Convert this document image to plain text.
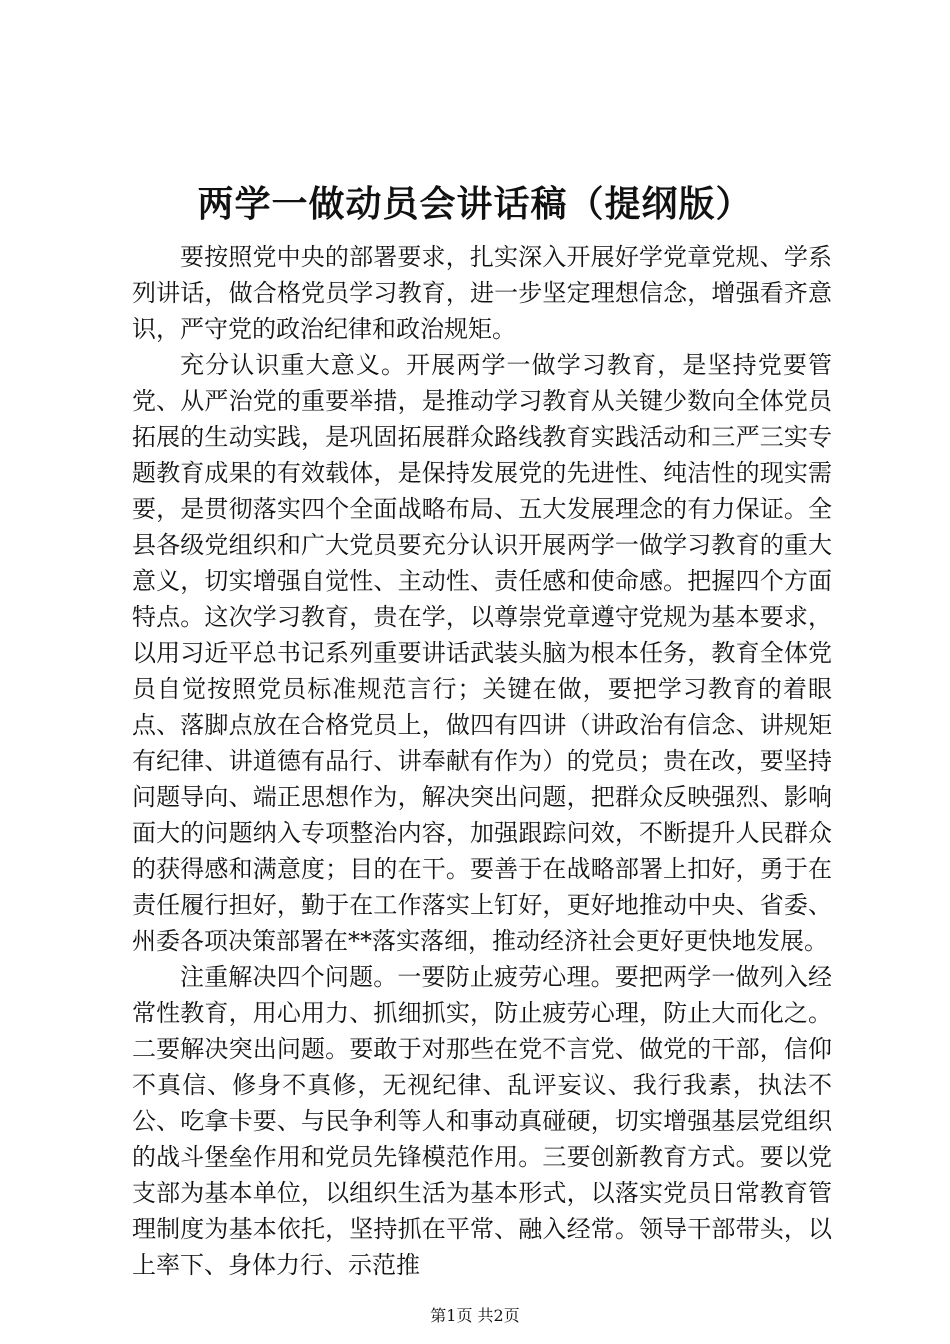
两学一做动员会讲话稿（提纲版）

要按照党中央的部署要求，扎实深入开展好学党章党规、学系列讲话，做合格党员学习教育，进一步坚定理想信念，增强看齐意识，严守党的政治纪律和政治规矩。

充分认识重大意义。开展两学一做学习教育，是坚持党要管党、从严治党的重要举措，是推动学习教育从关键少数向全体党员拓展的生动实践，是巩固拓展群众路线教育实践活动和三严三实专题教育成果的有效载体，是保持发展党的先进性、纯洁性的现实需要，是贯彻落实四个全面战略布局、五大发展理念的有力保证。全县各级党组织和广大党员要充分认识开展两学一做学习教育的重大意义，切实增强自觉性、主动性、责任感和使命感。把握四个方面特点。这次学习教育，贵在学，以尊崇党章遵守党规为基本要求，以用习近平总书记系列重要讲话武装头脑为根本任务，教育全体党员自觉按照党员标准规范言行；关键在做，要把学习教育的着眼点、落脚点放在合格党员上，做四有四讲（讲政治有信念、讲规矩有纪律、讲道德有品行、讲奉献有作为）的党员；贵在改，要坚持问题导向、端正思想作为，解决突出问题，把群众反映强烈、影响面大的问题纳入专项整治内容，加强跟踪问效，不断提升人民群众的获得感和满意度；目的在干。要善于在战略部署上扣好，勇于在责任履行担好，勤于在工作落实上钉好，更好地推动中央、省委、州委各项决策部署在**落实落细，推动经济社会更好更快地发展。

注重解决四个问题。一要防止疲劳心理。要把两学一做列入经常性教育，用心用力、抓细抓实，防止疲劳心理，防止大而化之。二要解决突出问题。要敢于对那些在党不言党、做党的干部，信仰不真信、修身不真修，无视纪律、乱评妄议、我行我素，执法不公、吃拿卡要、与民争利等人和事动真碰硬，切实增强基层党组织的战斗堡垒作用和党员先锋模范作用。三要创新教育方式。要以党支部为基本单位，以组织生活为基本形式，以落实党员日常教育管理制度为基本依托，坚持抓在平常、融入经常。领导干部带头，以上率下、身体力行、示范推

第1页 共2页
